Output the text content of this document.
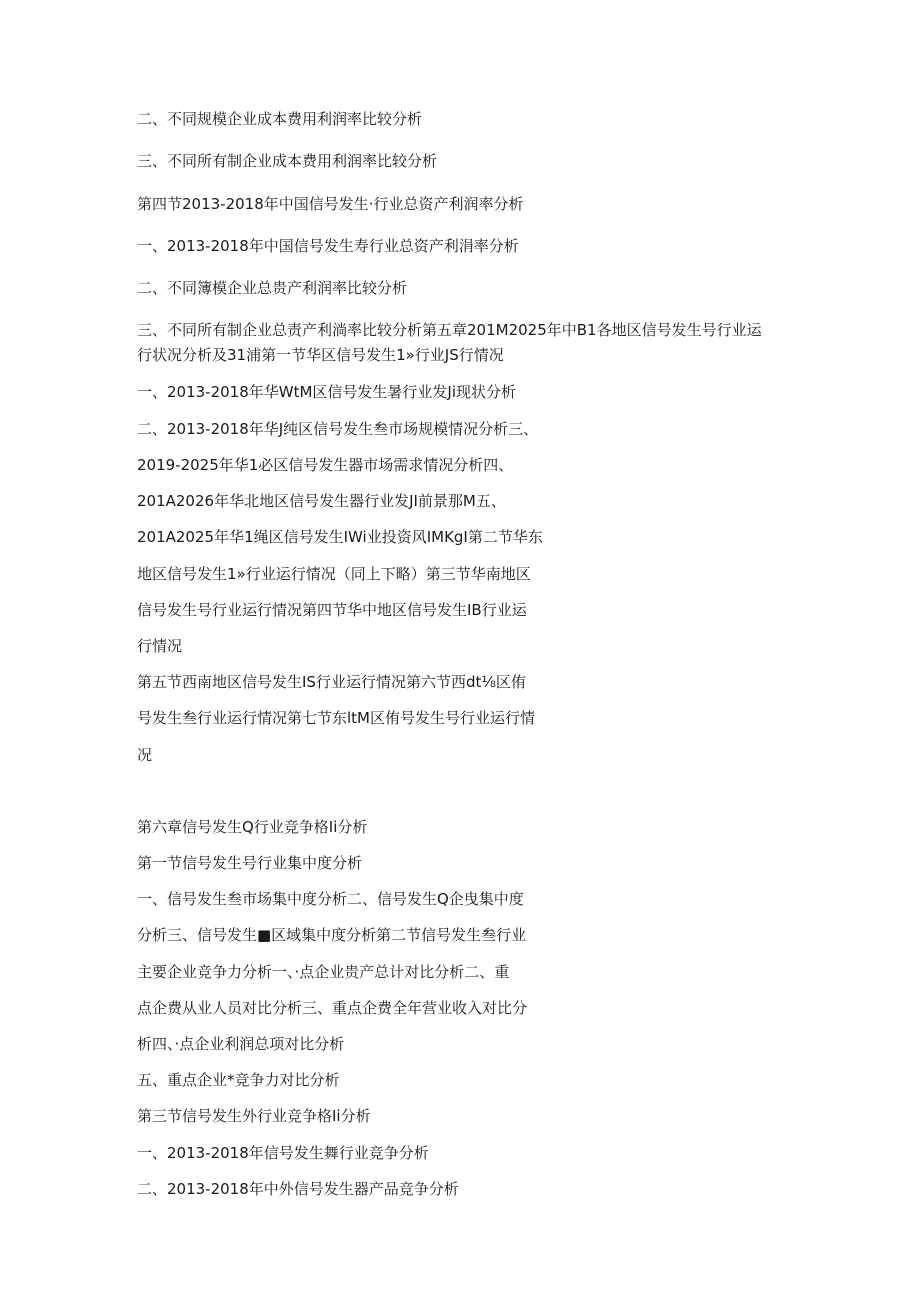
二、不同规模企业成本费用利润率比较分析
三、不同所有制企业成本费用利润率比较分析
第四节2013-2018年中国信号发生·行业总资产利润率分析
一、2013-2018年中国信号发生寿行业总资产利涓率分析
二、不同簿模企业总贵产利润率比较分析
三、不同所有制企业总责产利淌率比较分析第五章201M2025年中B1各地区信号发生号行业运
行状况分析及31浦第一节华区信号发生1»行业JS行情况
一、2013-2018年华WtM区信号发生暑行业发Ji现状分析
二、2013-2018年华J纯区信号发生叁市场规模情况分析三、
2019-2025年华1必区信号发生器市场需求情况分析四、
201A2026年华北地区信号发生器行业发JI前景那M五、
201A2025年华1绳区信号发生IWi业投资风IMKgI第二节华东
地区信号发生1»行业运行情况（同上下略）第三节华南地区
信号发生号行业运行情况第四节华中地区信号发生IB行业运
行情况
第五节西南地区信号发生IS行业运行情况第六节西dt⅛区侑
号发生叁行业运行情况第七节东ltM区侑号发生号行业运行情
况
第六章信号发生Q行业竞争格Ii分析
第一节信号发生号行业集中度分析
一、信号发生叁市场集中度分析二、信号发生Q企曳集中度
分析三、信号发生■区域集中度分析第二节信号发生叁行业
主要企业竞争力分析一、·点企业贵产总计对比分析二、重
点企费从业人员对比分析三、重点企费全年营业收入对比分
析四、·点企业利润总项对比分析
五、重点企业*竞争力对比分析
第三节信号发生外行业竞争格Ii分析
一、2013-2018年信号发生舞行业竞争分析
二、2013-2018年中外信号发生器产品竞争分析
